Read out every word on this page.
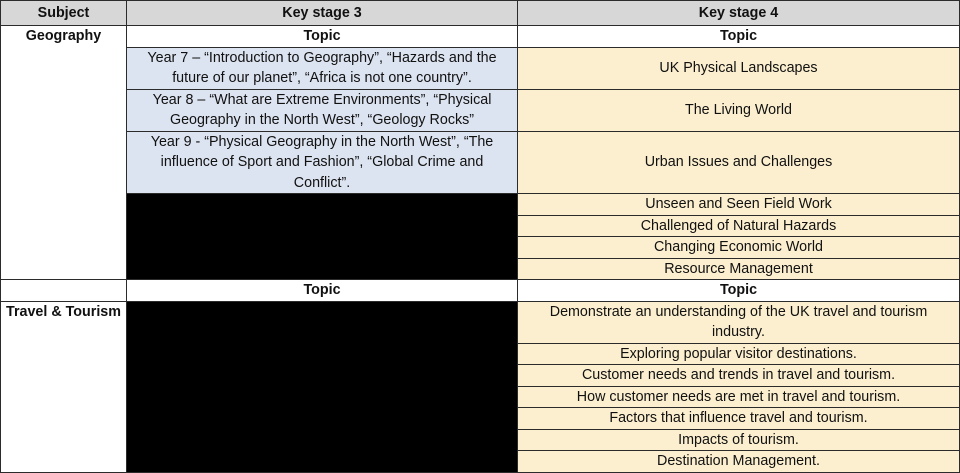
Subject	Key stage 3	Key stage 4
Geography	Topic	Topic
	Year 7 – “Introduction to Geography”, “Hazards and the future of our planet”, “Africa is not one country”.	UK Physical Landscapes
	Year 8 – “What are Extreme Environments”, “Physical Geography in the North West”, “Geology Rocks”	The Living World
	Year 9 - “Physical Geography in the North West”, “The influence of Sport and Fashion”, “Global Crime and Conflict”.	Urban Issues and Challenges
		Unseen and Seen Field Work
		Challenged of Natural Hazards
		Changing Economic World
		Resource Management
	Topic	Topic
Travel & Tourism		Demonstrate an understanding of the UK travel and tourism industry.
		Exploring popular visitor destinations.
		Customer needs and trends in travel and tourism.
		How customer needs are met in travel and tourism.
		Factors that influence travel and tourism.
		Impacts of tourism.
		Destination Management.
